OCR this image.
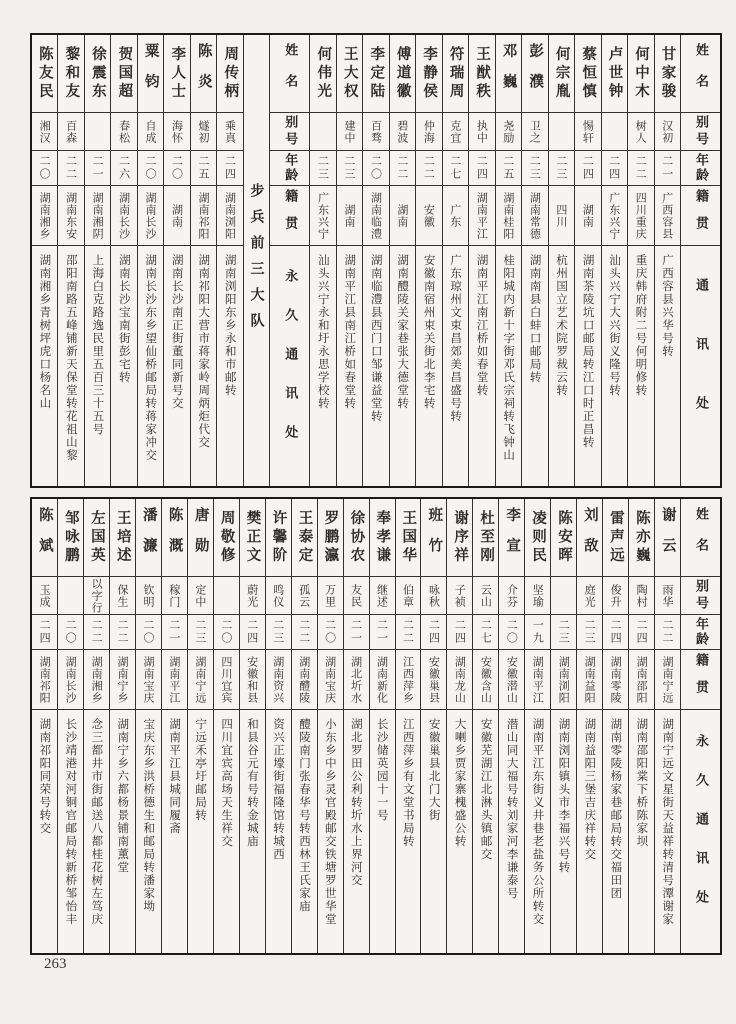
姓名
别号
年龄
籍贯
通讯处
甘家骏
汉初
二一
广西容县
广西容县兴华号转
何中木
树人
二二
四川重庆
重庆韩府附二号何明修转
卢世钟
二四
广东兴宁
汕头兴宁大兴街义隆号转
蔡恒慎
惕轩
二四
湖南
湖南茶陵坑口邮局转江口时正昌转
何宗胤
二三
四川
杭州国立艺术院罗裁云转
彭濮
卫之
二三
湖南常德
湖南南县白蚌口邮局转
邓巍
尧励
二五
湖南桂阳
桂阳城内新十字街邓氏宗祠转飞钟山
王猷秩
执中
二四
湖南平江
湖南平江南江桥如春堂转
符瑞周
克宜
二七
广东
广东琼州文束昌郊美昌盛号转
李静侯
仲海
二二
安徽
安徽南宿州束关街北李宅转
傅道徽
碧波
二二
湖南
湖南醴陵关家巷张大德堂转
李定陆
百骛
二〇
湖南临澧
湖南临澧县西门口邹谦益堂转
王大权
建中
二三
湖南
湖南平江县南江桥如春堂转
何伟光
二三
广东兴宁
汕头兴宁永和圩永思学校转
姓名
别号
年龄
籍贯
永久通讯处
步兵前三大队
周传柄
乘真
二四
湖南浏阳
湖南浏阳东乡永和市邮转
陈炎
燧初
二五
湖南祁阳
湖南祁阳大营市蒋家岭周炳炬代交
李人士
海怀
二〇
湖南
湖南长沙南正街董同新号交
粟钧
自成
二〇
湖南长沙
湖南长沙东乡望仙桥邮局转蒋家冲交
贺国超
春松
二六
湖南长沙
湖南长沙宝南街彭宅转
徐震东
二一
湖南湘阴
上海白克路逸民里五百三十五号
黎和友
百森
二二
湖南东安
邵阳南路五峰铺新天保堂转花祖山黎
陈友民
湘汉
二〇
湖南湘乡
湖南湘乡青树坪虎口杨名山
姓名
别号
年龄
籍贯
永久通讯处
谢云
雨华
二二
湖南宁远
湖南宁远文星街天益祥转清号潭谢家
陈亦巍
陶村
二四
湖南邵阳
湖南邵阳棠下桥陈家坝
雷声远
俊升
二四
湖南零陵
湖南零陵杨家巷邮局转交福田团
刘敌
庭光
二三
湖南益阳
湖南益阳三堡吉庆祥转交
陈安晖
二三
湖南浏阳
湖南浏阳镇头市李福兴号转
凌则民
坚瑜
一九
湖南平江
湖南平江东街义井巷老盐务公所转交
李宣
介芬
二〇
安徽潜山
潜山同大福号转刘家河李谦泰号
杜至刚
云山
二七
安徽含山
安徽芜湖江北淋头镇邮交
谢序祥
子祯
二四
湖南龙山
大喇乡贾家寨槐盛公转
班竹
咏秋
二四
安徽巢县
安徽巢县北门大街
王国华
伯章
二二
江西萍乡
江西萍乡有文堂书局转
奉孝谦
继述
二一
湖南新化
长沙储英园十一号
徐协农
友民
二一
湖北圻水
湖北罗田公利转圻水上界河交
罗鹏瀛
万里
二〇
湖南宝庆
小东乡中乡灵官殿邮交铁塘罗世华堂
王泰定
孤云
二二
湖南醴陵
醴陵南门张春华号转西林王氏家庙
许馨阶
鸣仪
二三
湖南资兴
资兴正壕街福隆馆转城西
樊正文
蔚光
二四
安徽和县
和县谷元有号转金城庙
周敬修
二〇
四川宜宾
四川宜宾高场天生祥交
唐勋
定中
二三
湖南宁远
宁远禾亭圩邮局转
陈溉
稼门
二一
湖南平江
湖南平江县城同履斋
潘濂
钦明
二〇
湖南宝庆
宝庆东乡洪桥德生和邮局转潘家坳
王培述
保生
二二
湖南宁乡
湖南宁乡六都杨景铺南薰堂
左国英
以字行
二二
湖南湘乡
念三都井市街邮送八都桂花树左笃庆
邹咏鹏
二〇
湖南长沙
长沙靖港对河铜官邮局转新桥邹怡丰
陈斌
玉成
二四
湖南祁阳
湖南祁阳同荣号转交
263
